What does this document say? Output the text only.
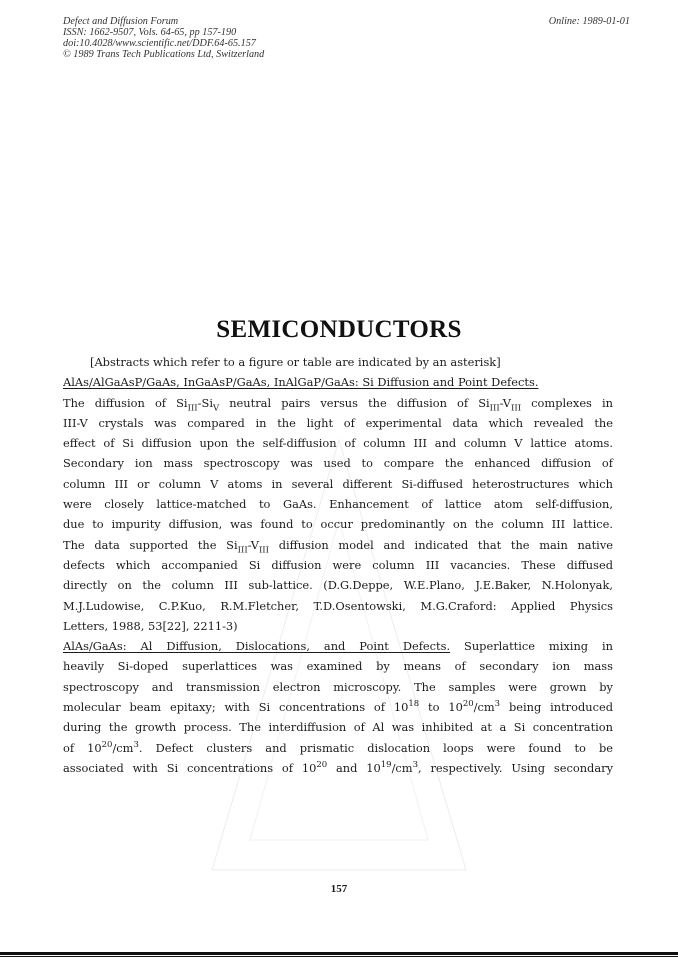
Defect and Diffusion Forum
ISSN: 1662-9507, Vols. 64-65, pp 157-190
doi:10.4028/www.scientific.net/DDF.64-65.157
© 1989 Trans Tech Publications Ltd, Switzerland
Online: 1989-01-01
SEMICONDUCTORS
[Abstracts which refer to a figure or table are indicated by an asterisk]
AlAs/AlGaAsP/GaAs, InGaAsP/GaAs, InAlGaP/GaAs: Si Diffusion and Point Defects.
The diffusion of $Si_{III}-Si_V$ neutral pairs versus the diffusion of $Si_{III}-V_{III}$ complexes in
III-V crystals was compared in the light of experimental data which revealed the
effect of Si diffusion upon the self-diffusion of column III and column V lattice atoms.
Secondary ion mass spectroscopy was used to compare the enhanced diffusion of
column III or column V atoms in several different Si-diffused heterostructures which
were closely lattice-matched to GaAs. Enhancement of lattice atom self-diffusion,
due to impurity diffusion, was found to occur predominantly on the column III lattice.
The data supported the $Si_{III}-V_{III}$ diffusion model and indicated that the main native
defects which accompanied Si diffusion were column III vacancies. These diffused
directly on the column III sub-lattice. (D.G.Deppe, W.E.Plano, J.E.Baker, N.Holonyak,
M.J.Ludowise, C.P.Kuo, R.M.Fletcher, T.D.Osentowski, M.G.Craford: Applied Physics
Letters, 1988, 53[22], 2211-3)
AlAs/GaAs: Al Diffusion, Dislocations, and Point Defects. Superlattice mixing in
heavily Si-doped superlattices was examined by means of secondary ion mass
spectroscopy and transmission electron microscopy. The samples were grown by
molecular beam epitaxy; with Si concentrations of $10^{18}$ to $10^{20}/cm^3$ being introduced
during the growth process. The interdiffusion of Al was inhibited at a Si concentration
of $10^{20}/cm^3$. Defect clusters and prismatic dislocation loops were found to be
associated with Si concentrations of $10^{20}$ and $10^{19}/cm^3$, respectively. Using secondary
157
